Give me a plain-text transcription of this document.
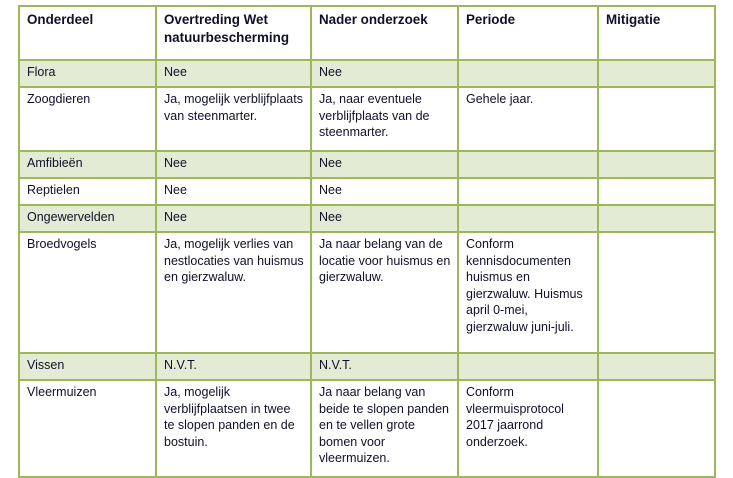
Onderdeel	Overtreding Wet natuurbescherming	Nader onderzoek	Periode	Mitigatie

Flora	Nee	Nee		

Zoogdieren	Ja, mogelijk verblijfplaats van steenmarter.	Ja, naar eventuele verblijfplaats van de steenmarter.	Gehele jaar.	

Amfibieën	Nee	Nee		

Reptielen	Nee	Nee		

Ongewervelden	Nee	Nee		

Broedvogels	Ja, mogelijk verlies van nestlocaties van huismus en gierzwaluw.	Ja naar belang van de locatie voor huismus en gierzwaluw.	Conform kennisdocumenten huismus en gierzwaluw. Huismus april 0-mei, gierzwaluw juni-juli.	

Vissen	N.V.T.	N.V.T.		

Vleermuizen	Ja, mogelijk verblijfplaatsen in twee te slopen panden en de bostuin.	Ja naar belang van beide te slopen panden en te vellen grote bomen voor vleermuizen.	Conform vleermuisprotocol 2017 jaarrond onderzoek.	
